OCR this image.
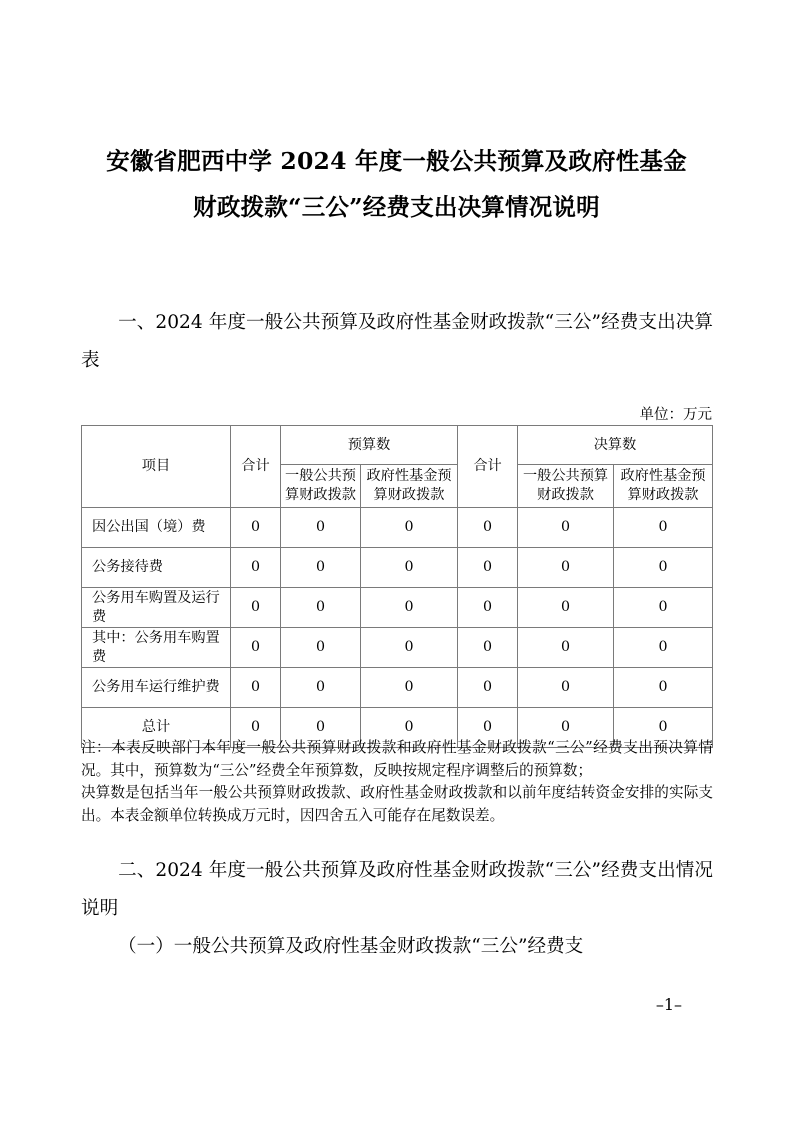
安徽省肥西中学 2024 年度一般公共预算及政府性基金
财政拨款“三公”经费支出决算情况说明
一、2024 年度一般公共预算及政府性基金财政拨款“三公”经费支出决算表
单位：万元
项目	合计	预算数		合计	决算数	
		一般公共预算财政拨款	政府性基金预算财政拨款		一般公共预算财政拨款	政府性基金预算财政拨款
因公出国（境）费	0	0	0	0	0	0
公务接待费	0	0	0	0	0	0
公务用车购置及运行费	0	0	0	0	0	0
其中：公务用车购置费	0	0	0	0	0	0
公务用车运行维护费	0	0	0	0	0	0
总计	0	0	0	0	0	0

注：本表反映部门本年度一般公共预算财政拨款和政府性基金财政拨款“三公”经费支出预决算情况。其中，预算数为“三公”经费全年预算数，反映按规定程序调整后的预算数；

决算数是包括当年一般公共预算财政拨款、政府性基金财政拨款和以前年度结转资金安排的实际支出。本表金额单位转换成万元时，因四舍五入可能存在尾数误差。

二、2024 年度一般公共预算及政府性基金财政拨款“三公”经费支出情况说明
（一）一般公共预算及政府性基金财政拨款“三公”经费支
–1–
